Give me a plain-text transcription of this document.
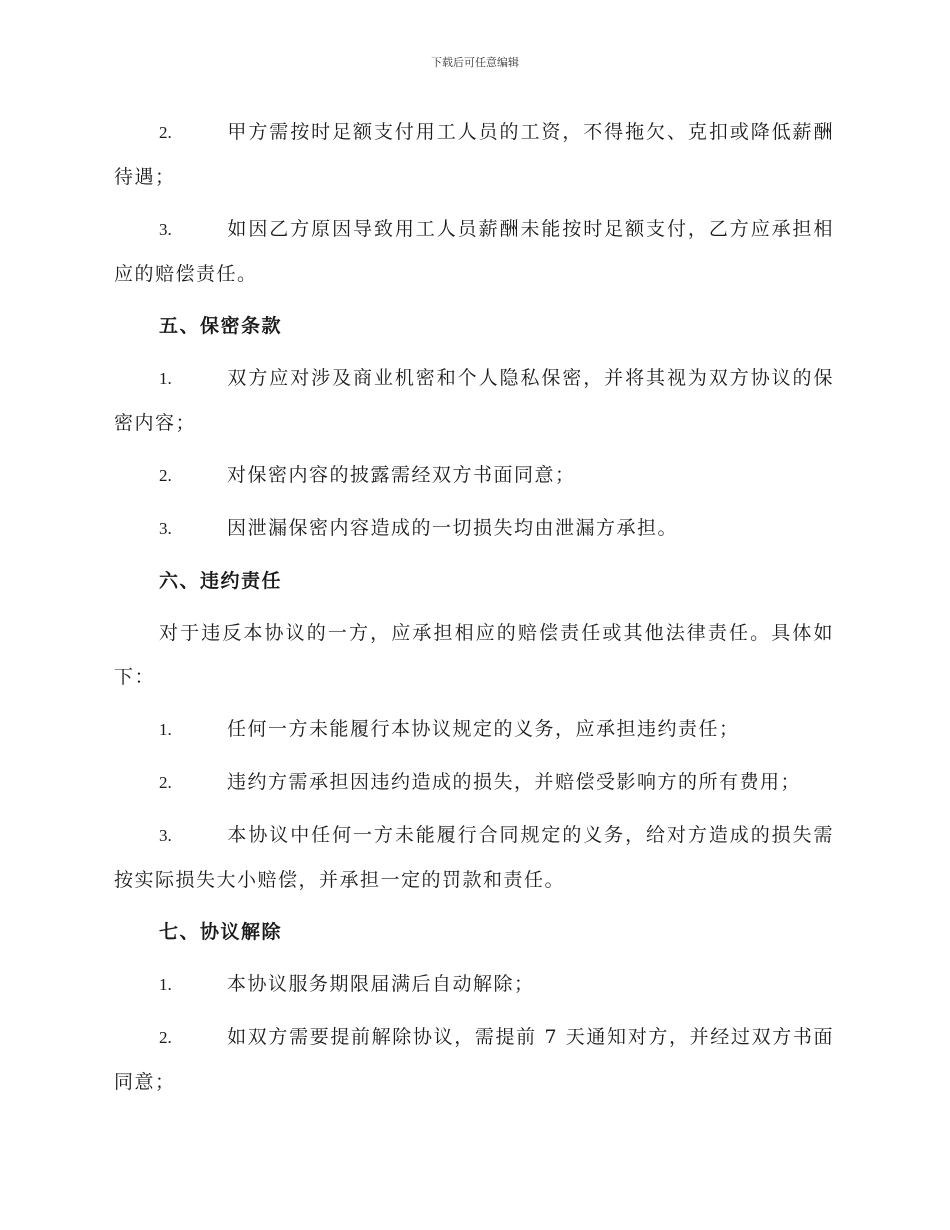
下载后可任意编辑

2.	甲方需按时足额支付用工人员的工资，不得拖欠、克扣或降低薪酬待遇；

3.	如因乙方原因导致用工人员薪酬未能按时足额支付，乙方应承担相应的赔偿责任。

五、保密条款

1.	双方应对涉及商业机密和个人隐私保密，并将其视为双方协议的保密内容；

2.	对保密内容的披露需经双方书面同意；

3.	因泄漏保密内容造成的一切损失均由泄漏方承担。

六、违约责任

对于违反本协议的一方，应承担相应的赔偿责任或其他法律责任。具体如下：

1.	任何一方未能履行本协议规定的义务，应承担违约责任；

2.	违约方需承担因违约造成的损失，并赔偿受影响方的所有费用；

3.	本协议中任何一方未能履行合同规定的义务，给对方造成的损失需按实际损失大小赔偿，并承担一定的罚款和责任。

七、协议解除

1.	本协议服务期限届满后自动解除；

2.	如双方需要提前解除协议，需提前 7 天通知对方，并经过双方书面同意；
